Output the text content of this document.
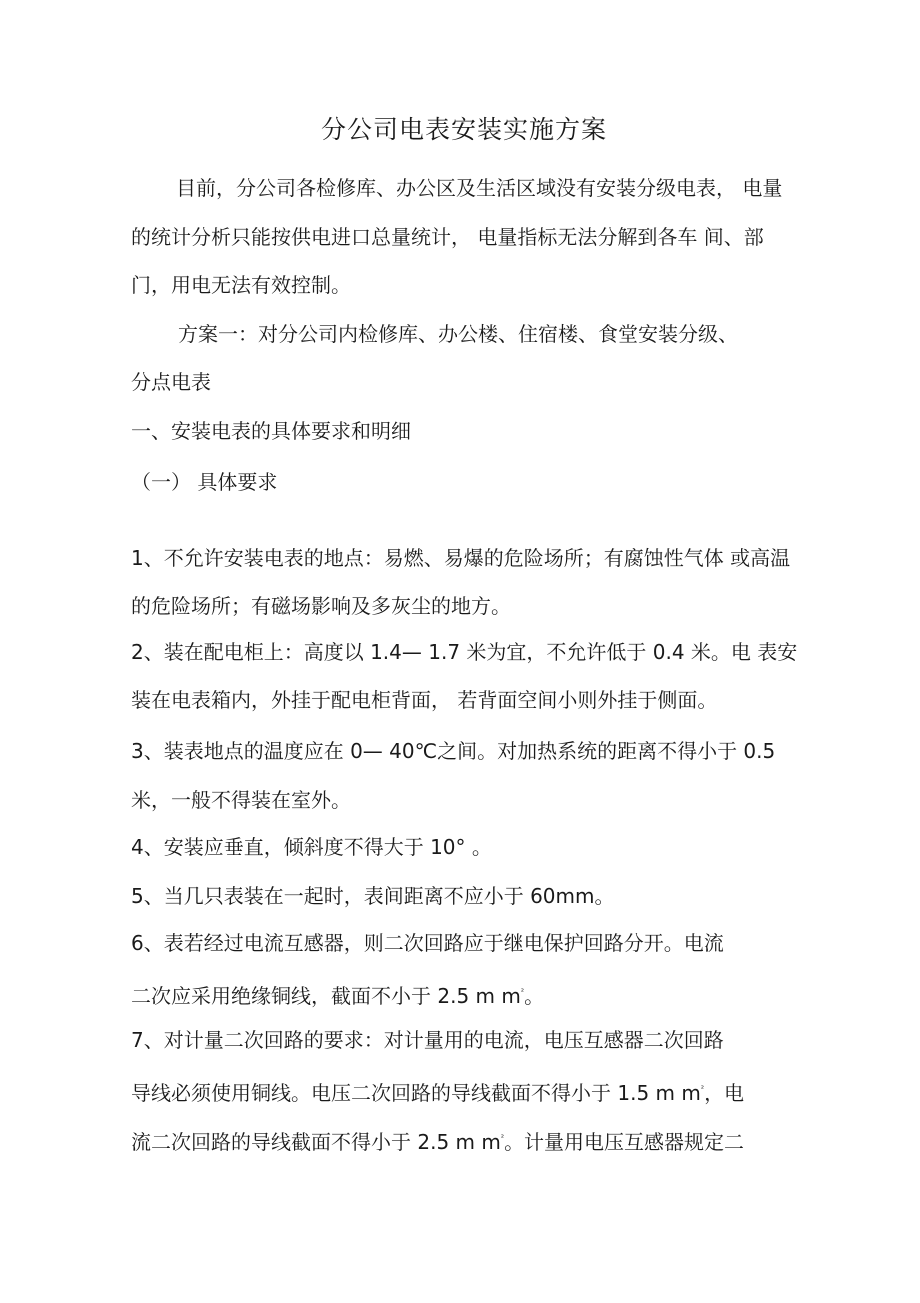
分公司电表安装实施方案
目前，分公司各检修库、办公区及生活区域没有安装分级电表， 电量
的统计分析只能按供电进口总量统计， 电量指标无法分解到各车 间、部
门，用电无法有效控制。
方案一：对分公司内检修库、办公楼、住宿楼、食堂安装分级、
分点电表
一、安装电表的具体要求和明细
（一） 具体要求
1、不允许安装电表的地点：易燃、易爆的危险场所；有腐蚀性气体 或高温
的危险场所；有磁场影响及多灰尘的地方。
2、装在配电柜上：高度以 1.4— 1.7 米为宜，不允许低于 0.4 米。电 表安
装在电表箱内，外挂于配电柜背面， 若背面空间小则外挂于侧面。
3、装表地点的温度应在 0— 40℃之间。对加热系统的距离不得小于 0.5
米，一般不得装在室外。
4、安装应垂直，倾斜度不得大于 10° 。
5、当几只表装在一起时，表间距离不应小于 60mm。
6、表若经过电流互感器，则二次回路应于继电保护回路分开。电流
二次应采用绝缘铜线，截面不小于 2.5 m $m^{^2}$。
7、对计量二次回路的要求：对计量用的电流，电压互感器二次回路
导线必须使用铜线。电压二次回路的导线截面不得小于 1.5 m $m^{^2}$，电
流二次回路的导线截面不得小于 2.5 m $m^{^2}$。计量用电压互感器规定二
